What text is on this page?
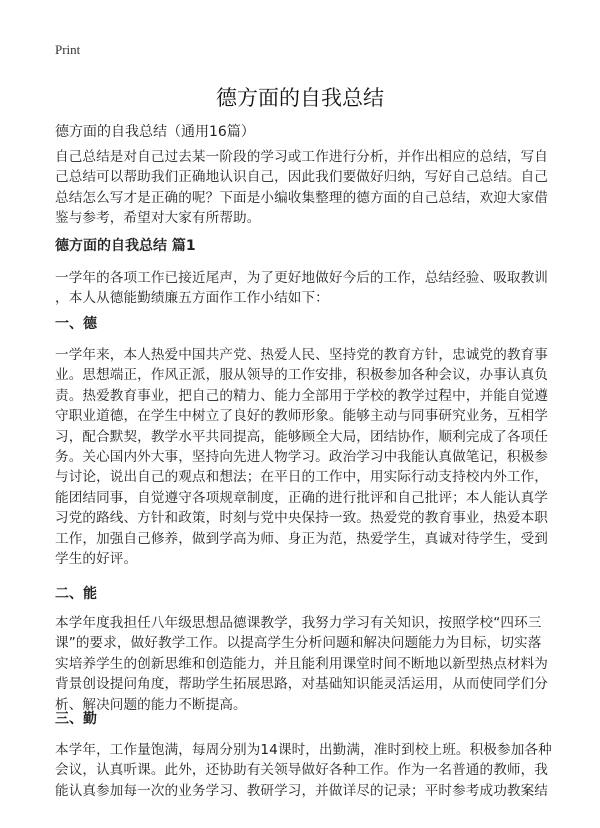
Print
德方面的自我总结
德方面的自我总结（通用16篇）
自己总结是对自己过去某一阶段的学习或工作进行分析，并作出相应的总结，写自
己总结可以帮助我们正确地认识自己，因此我们要做好归纳，写好自己总结。自己
总结怎么写才是正确的呢？下面是小编收集整理的德方面的自己总结，欢迎大家借
鉴与参考，希望对大家有所帮助。
德方面的自我总结 篇1
一学年的各项工作已接近尾声，为了更好地做好今后的工作，总结经验、吸取教训
，本人从德能勤绩廉五方面作工作小结如下：
一、德
一学年来，本人热爱中国共产党、热爱人民、坚持党的教育方针，忠诚党的教育事
业。思想端正，作风正派，服从领导的工作安排，积极参加各种会议，办事认真负
责。热爱教育事业，把自己的精力、能力全部用于学校的教学过程中，并能自觉遵
守职业道德，在学生中树立了良好的教师形象。能够主动与同事研究业务，互相学
习，配合默契，教学水平共同提高，能够顾全大局，团结协作，顺利完成了各项任
务。关心国内外大事，坚持向先进人物学习。政治学习中我能认真做笔记，积极参
与讨论，说出自己的观点和想法；在平日的工作中，用实际行动支持校内外工作，
能团结同事，自觉遵守各项规章制度，正确的进行批评和自己批评；本人能认真学
习党的路线、方针和政策，时刻与党中央保持一致。热爱党的教育事业，热爱本职
工作，加强自己修养，做到学高为师、身正为范，热爱学生，真诚对待学生，受到
学生的好评。
二、能
本学年度我担任八年级思想品德课教学，我努力学习有关知识，按照学校“四环三
课”的要求，做好教学工作。以提高学生分析问题和解决问题能力为目标，切实落
实培养学生的创新思维和创造能力，并且能利用课堂时间不断地以新型热点材料为
背景创设提问角度，帮助学生拓展思路，对基础知识能灵活运用，从而使同学们分
析、解决问题的能力不断提高。
三、勤
本学年，工作量饱满，每周分别为14课时，出勤满，准时到校上班。积极参加各种
会议，认真听课。此外，还协助有关领导做好各种工作。作为一名普通的教师，我
能认真参加每一次的业务学习、教研学习，并做详尽的记录；平时参考成功教案结
